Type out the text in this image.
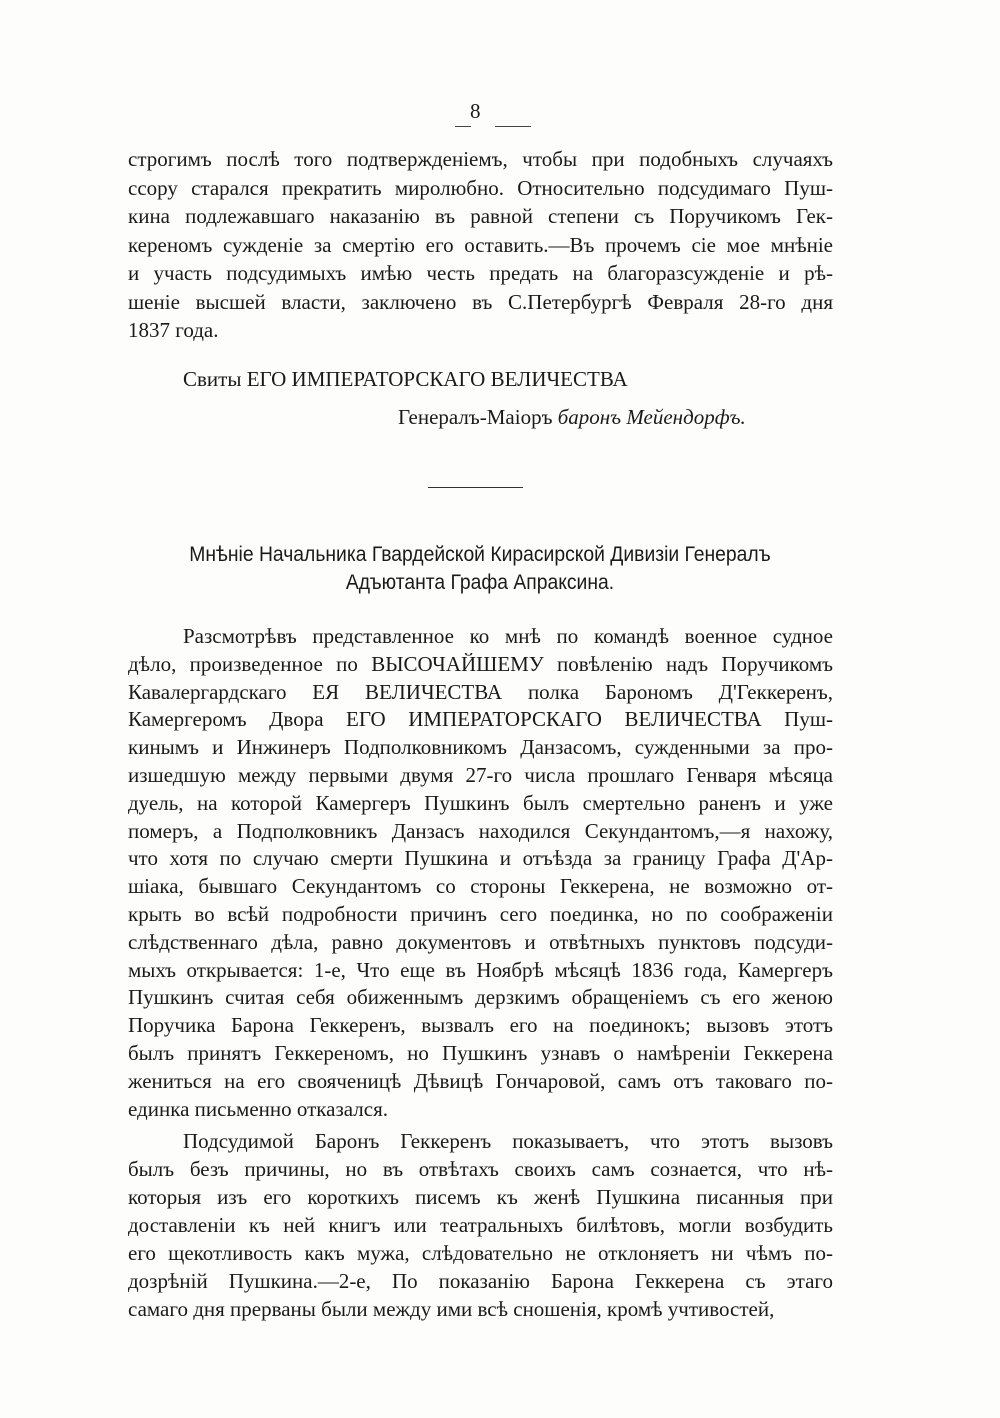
8
строгимъ послѣ того подтвержденіемъ, чтобы при подобныхъ случаяхъ
ссору старался прекратить миролюбно. Относительно подсудимаго Пуш-
кина подлежавшаго наказанію въ равной степени съ Поручикомъ Гек-
кереномъ сужденіе за смертію его оставить.—Въ прочемъ сіе мое мнѣніе
и участь подсудимыхъ имѣю честь предать на благоразсужденіе и рѣ-
шеніе высшей власти, заключено въ С.Петербургѣ Февраля 28-го дня
1837 года.
Свиты ЕГО ИМПЕРАТОРСКАГО ВЕЛИЧЕСТВА
Генералъ-Маіоръ баронъ Мейендорфъ.
Мнѣніе Начальника Гвардейской Кирасирской Дивизіи Генералъ
Адъютанта Графа Апраксина.
Разсмотрѣвъ представленное ко мнѣ по командѣ военное судное
дѣло, произведенное по ВЫСОЧАЙШЕМУ повѣленію надъ Поручикомъ
Кавалергардскаго ЕЯ ВЕЛИЧЕСТВА полка Барономъ Д'Геккеренъ,
Камергеромъ Двора ЕГО ИМПЕРАТОРСКАГО ВЕЛИЧЕСТВА Пуш-
кинымъ и Инжинеръ Подполковникомъ Данзасомъ, сужденными за про-
изшедшую между первыми двумя 27-го числа прошлаго Генваря мѣсяца
дуель, на которой Камергеръ Пушкинъ былъ смертельно раненъ и уже
померъ, а Подполковникъ Данзасъ находился Секундантомъ,—я нахожу,
что хотя по случаю смерти Пушкина и отъѣзда за границу Графа Д'Ар-
шіака, бывшаго Секундантомъ со стороны Геккерена, не возможно от-
крыть во всѣй подробности причинъ сего поединка, но по соображеніи
слѣдственнаго дѣла, равно документовъ и отвѣтныхъ пунктовъ подсуди-
мыхъ открывается: 1-е, Что еще въ Ноябрѣ мѣсяцѣ 1836 года, Камергеръ
Пушкинъ считая себя обиженнымъ дерзкимъ обращеніемъ съ его женою
Поручика Барона Геккеренъ, вызвалъ его на поединокъ; вызовъ этотъ
былъ принятъ Геккереномъ, но Пушкинъ узнавъ о намѣреніи Геккерена
жениться на его свояченицѣ Дѣвицѣ Гончаровой, самъ отъ таковаго по-
единка письменно отказался.
Подсудимой Баронъ Геккеренъ показываетъ, что этотъ вызовъ
былъ безъ причины, но въ отвѣтахъ своихъ самъ сознается, что нѣ-
которыя изъ его короткихъ писемъ къ женѣ Пушкина писанныя при
доставленіи къ ней книгъ или театральныхъ билѣтовъ, могли возбудить
его щекотливость какъ мужа, слѣдовательно не отклоняетъ ни чѣмъ по-
дозрѣній Пушкина.—2-е, По показанію Барона Геккерена съ этаго
самаго дня прерваны были между ими всѣ сношенія, кромѣ учтивостей,
